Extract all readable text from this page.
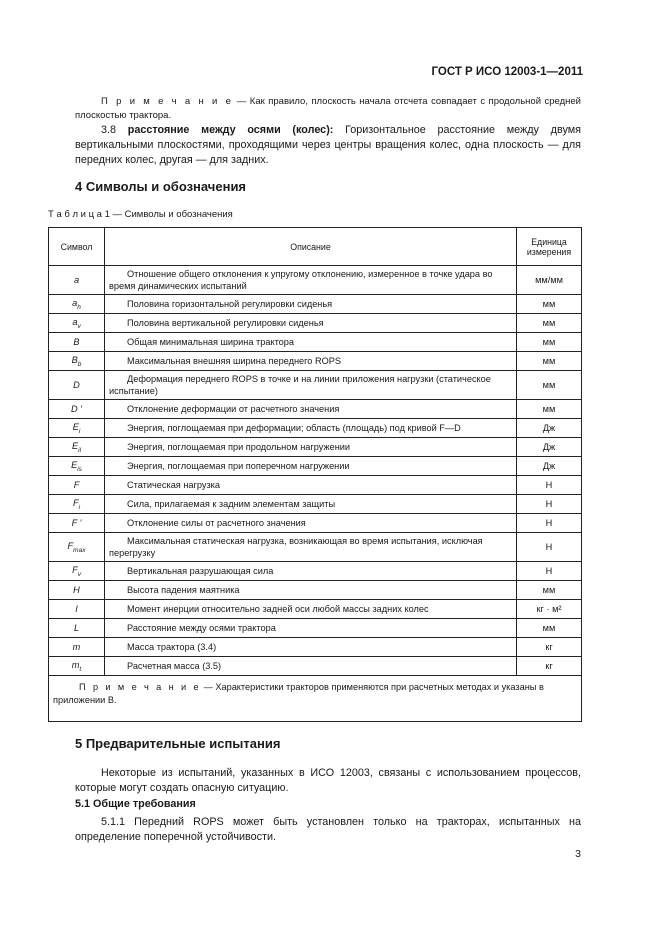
ГОСТ Р ИСО 12003-1—2011
П р и м е ч а н и е — Как правило, плоскость начала отсчета совпадает с продольной средней плоскостью трактора.
3.8 расстояние между осями (колес): Горизонтальное расстояние между двумя вертикальными плоскостями, проходящими через центры вращения колес, одна плоскость — для передних колес, другая — для задних.
4 Символы и обозначения
Т а б л и ц а 1 — Символы и обозначения
Символ	Описание	Единица
измерения
a	Отношение общего отклонения к упругому отклонению, измеренное в точке удара во время динамических испытаний	мм/мм
$a_h$	Половина горизонтальной регулировки сиденья	мм
$a_v$	Половина вертикальной регулировки сиденья	мм
B	Общая минимальная ширина трактора	мм
$B_b$	Максимальная внешняя ширина переднего ROPS	мм
D	Деформация переднего ROPS в точке и на линии приложения нагрузки (статическое испытание)	мм
D '	Отклонение деформации от расчетного значения	мм
$E_i$	Энергия, поглощаемая при деформации; область (площадь) под кривой F—D	Дж
$E_{il}$	Энергия, поглощаемая при продольном нагружении	Дж
$E_{is}$	Энергия, поглощаемая при поперечном нагружении	Дж
F	Статическая нагрузка	Н
$F_i$	Сила, прилагаемая к задним элементам защиты	Н
F '	Отклонение силы от расчетного значения	Н
$F_{max}$	Максимальная статическая нагрузка, возникающая во время испытания, исключая перегрузку	Н
$F_v$	Вертикальная разрушающая сила	Н
H	Высота падения маятника	мм
I	Момент инерции относительно задней оси любой массы задних колес	кг · м²
L	Расстояние между осями трактора	мм
m	Масса трактора (3.4)	кг
$m_t$	Расчетная масса (3.5)	кг
П р и м е ч а н и е — Характеристики тракторов применяются при расчетных методах и указаны в приложении В.		
5 Предварительные испытания
Некоторые из испытаний, указанных в ИСО 12003, связаны с использованием процессов, которые могут создать опасную ситуацию.
5.1 Общие требования
5.1.1 Передний ROPS может быть установлен только на тракторах, испытанных на определение поперечной устойчивости.
3
